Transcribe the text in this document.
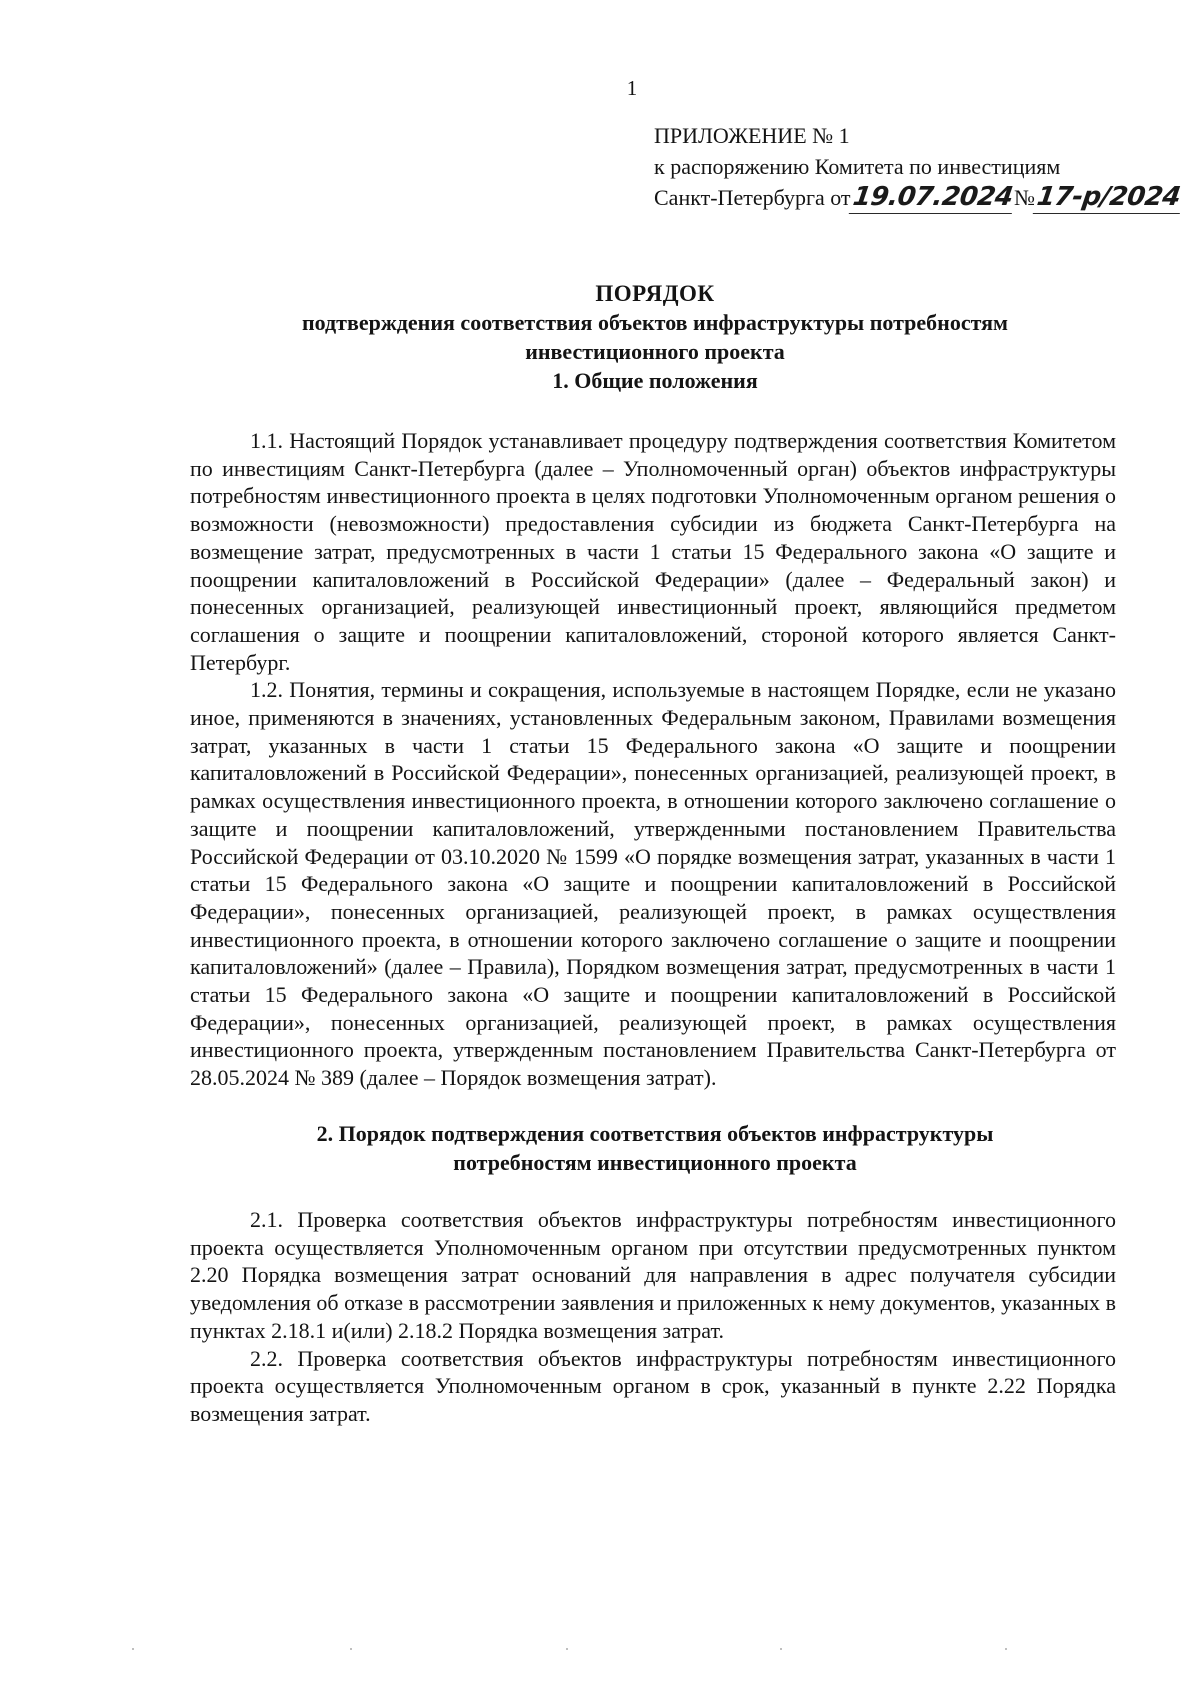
1
ПРИЛОЖЕНИЕ № 1
к распоряжению Комитета по инвестициям
Санкт-Петербурга от19.07.2024№17-р/2024
ПОРЯДОК
подтверждения соответствия объектов инфраструктуры потребностям
инвестиционного проекта
1. Общие положения

1.1. Настоящий Порядок устанавливает процедуру подтверждения соответствия Комитетом по инвестициям Санкт-Петербурга (далее – Уполномоченный орган) объектов инфраструктуры потребностям инвестиционного проекта в целях подготовки Уполномоченным органом решения о возможности (невозможности) предоставления субсидии из бюджета Санкт-Петербурга на возмещение затрат, предусмотренных в части 1 статьи 15 Федерального закона «О защите и поощрении капиталовложений в Российской Федерации» (далее – Федеральный закон) и понесенных организацией, реализующей инвестиционный проект, являющийся предметом соглашения о защите и поощрении капиталовложений, стороной которого является Санкт-Петербург.

1.2. Понятия, термины и сокращения, используемые в настоящем Порядке, если не указано иное, применяются в значениях, установленных Федеральным законом, Правилами возмещения затрат, указанных в части 1 статьи 15 Федерального закона «О защите и поощрении капиталовложений в Российской Федерации», понесенных организацией, реализующей проект, в рамках осуществления инвестиционного проекта, в отношении которого заключено соглашение о защите и поощрении капиталовложений, утвержденными постановлением Правительства Российской Федерации от 03.10.2020 № 1599 «О порядке возмещения затрат, указанных в части 1 статьи 15 Федерального закона «О защите и поощрении капиталовложений в Российской Федерации», понесенных организацией, реализующей проект, в рамках осуществления инвестиционного проекта, в отношении которого заключено соглашение о защите и поощрении капиталовложений» (далее – Правила), Порядком возмещения затрат, предусмотренных в части 1 статьи 15 Федерального закона «О защите и поощрении капиталовложений в Российской Федерации», понесенных организацией, реализующей проект, в рамках осуществления инвестиционного проекта, утвержденным постановлением Правительства Санкт-Петербурга от 28.05.2024 № 389 (далее – Порядок возмещения затрат).

2. Порядок подтверждения соответствия объектов инфраструктуры
потребностям инвестиционного проекта

2.1. Проверка соответствия объектов инфраструктуры потребностям инвестиционного проекта осуществляется Уполномоченным органом при отсутствии предусмотренных пунктом 2.20 Порядка возмещения затрат оснований для направления в адрес получателя субсидии уведомления об отказе в рассмотрении заявления и приложенных к нему документов, указанных в пунктах 2.18.1 и(или) 2.18.2 Порядка возмещения затрат.

2.2. Проверка соответствия объектов инфраструктуры потребностям инвестиционного проекта осуществляется Уполномоченным органом в срок, указанный в пункте 2.22 Порядка возмещения затрат.
